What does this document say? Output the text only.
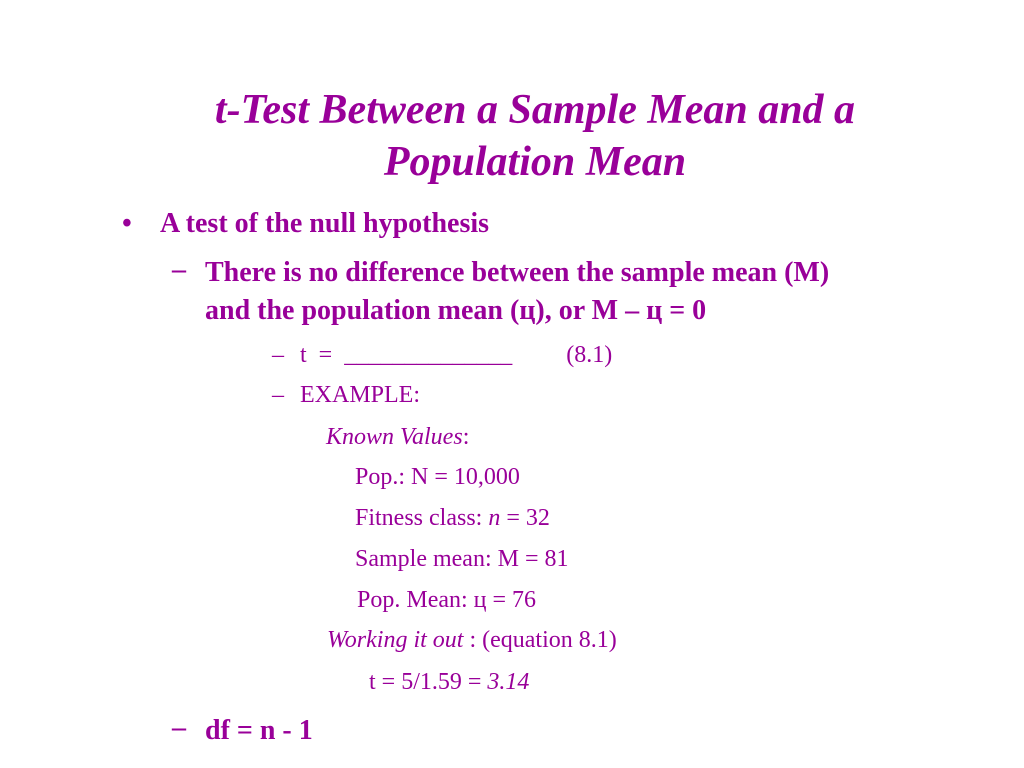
t-Test Between a Sample Mean and a
Population Mean
• A test of the null hypothesis
– There is no difference between the sample mean (M)
and the population mean (ц), or M – ц = 0
– t  =  ______________         (8.1)
– EXAMPLE:
Known Values:
Pop.: N = 10,000
Fitness class: n = 32
Sample mean: M = 81
Pop. Mean: ц = 76
Working it out : (equation 8.1)
t = 5/1.59 = 3.14
– df = n - 1
